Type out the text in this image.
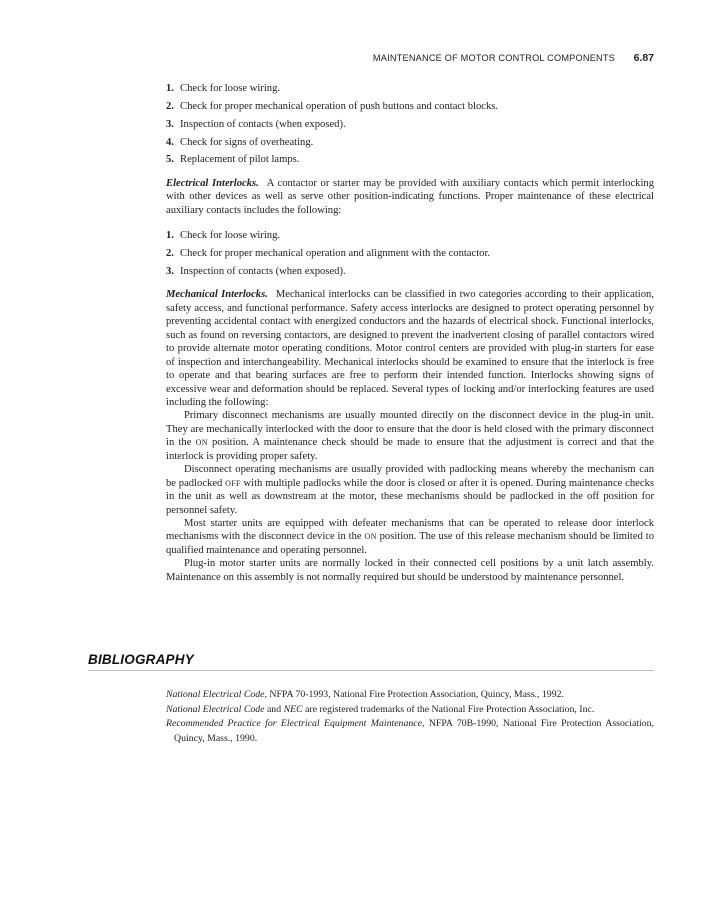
MAINTENANCE OF MOTOR CONTROL COMPONENTS 6.87
1. Check for loose wiring.
2. Check for proper mechanical operation of push buttons and contact blocks.
3. Inspection of contacts (when exposed).
4. Check for signs of overheating.
5. Replacement of pilot lamps.

Electrical Interlocks. A contactor or starter may be provided with auxiliary contacts which permit interlocking with other devices as well as serve other position-indicating functions. Proper maintenance of these electrical auxiliary contacts includes the following:

1. Check for loose wiring.
2. Check for proper mechanical operation and alignment with the contactor.
3. Inspection of contacts (when exposed).

Mechanical Interlocks. Mechanical interlocks can be classified in two categories according to their application, safety access, and functional performance. Safety access interlocks are designed to protect operating personnel by preventing accidental contact with energized conductors and the hazards of electrical shock. Functional interlocks, such as found on reversing contactors, are designed to prevent the inadvertent closing of parallel contactors wired to provide alternate motor operating conditions. Motor control centers are provided with plug-in starters for ease of inspection and interchangeability. Mechanical interlocks should be examined to ensure that the interlock is free to operate and that bearing surfaces are free to perform their intended function. Interlocks showing signs of excessive wear and deformation should be replaced. Several types of locking and/or interlocking features are used including the following:

Primary disconnect mechanisms are usually mounted directly on the disconnect device in the plug-in unit. They are mechanically interlocked with the door to ensure that the door is held closed with the primary disconnect in the ON position. A maintenance check should be made to ensure that the adjustment is correct and that the interlock is providing proper safety.

Disconnect operating mechanisms are usually provided with padlocking means whereby the mechanism can be padlocked OFF with multiple padlocks while the door is closed or after it is opened. During maintenance checks in the unit as well as downstream at the motor, these mechanisms should be padlocked in the off position for personnel safety.

Most starter units are equipped with defeater mechanisms that can be operated to release door interlock mechanisms with the disconnect device in the ON position. The use of this release mechanism should be limited to qualified maintenance and operating personnel.

Plug-in motor starter units are normally locked in their connected cell positions by a unit latch assembly. Maintenance on this assembly is not normally required but should be understood by maintenance personnel.

BIBLIOGRAPHY

National Electrical Code, NFPA 70-1993, National Fire Protection Association, Quincy, Mass., 1992.

National Electrical Code and NEC are registered trademarks of the National Fire Protection Association, Inc.

Recommended Practice for Electrical Equipment Maintenance, NFPA 70B-1990, National Fire Protection Association, Quincy, Mass., 1990.
